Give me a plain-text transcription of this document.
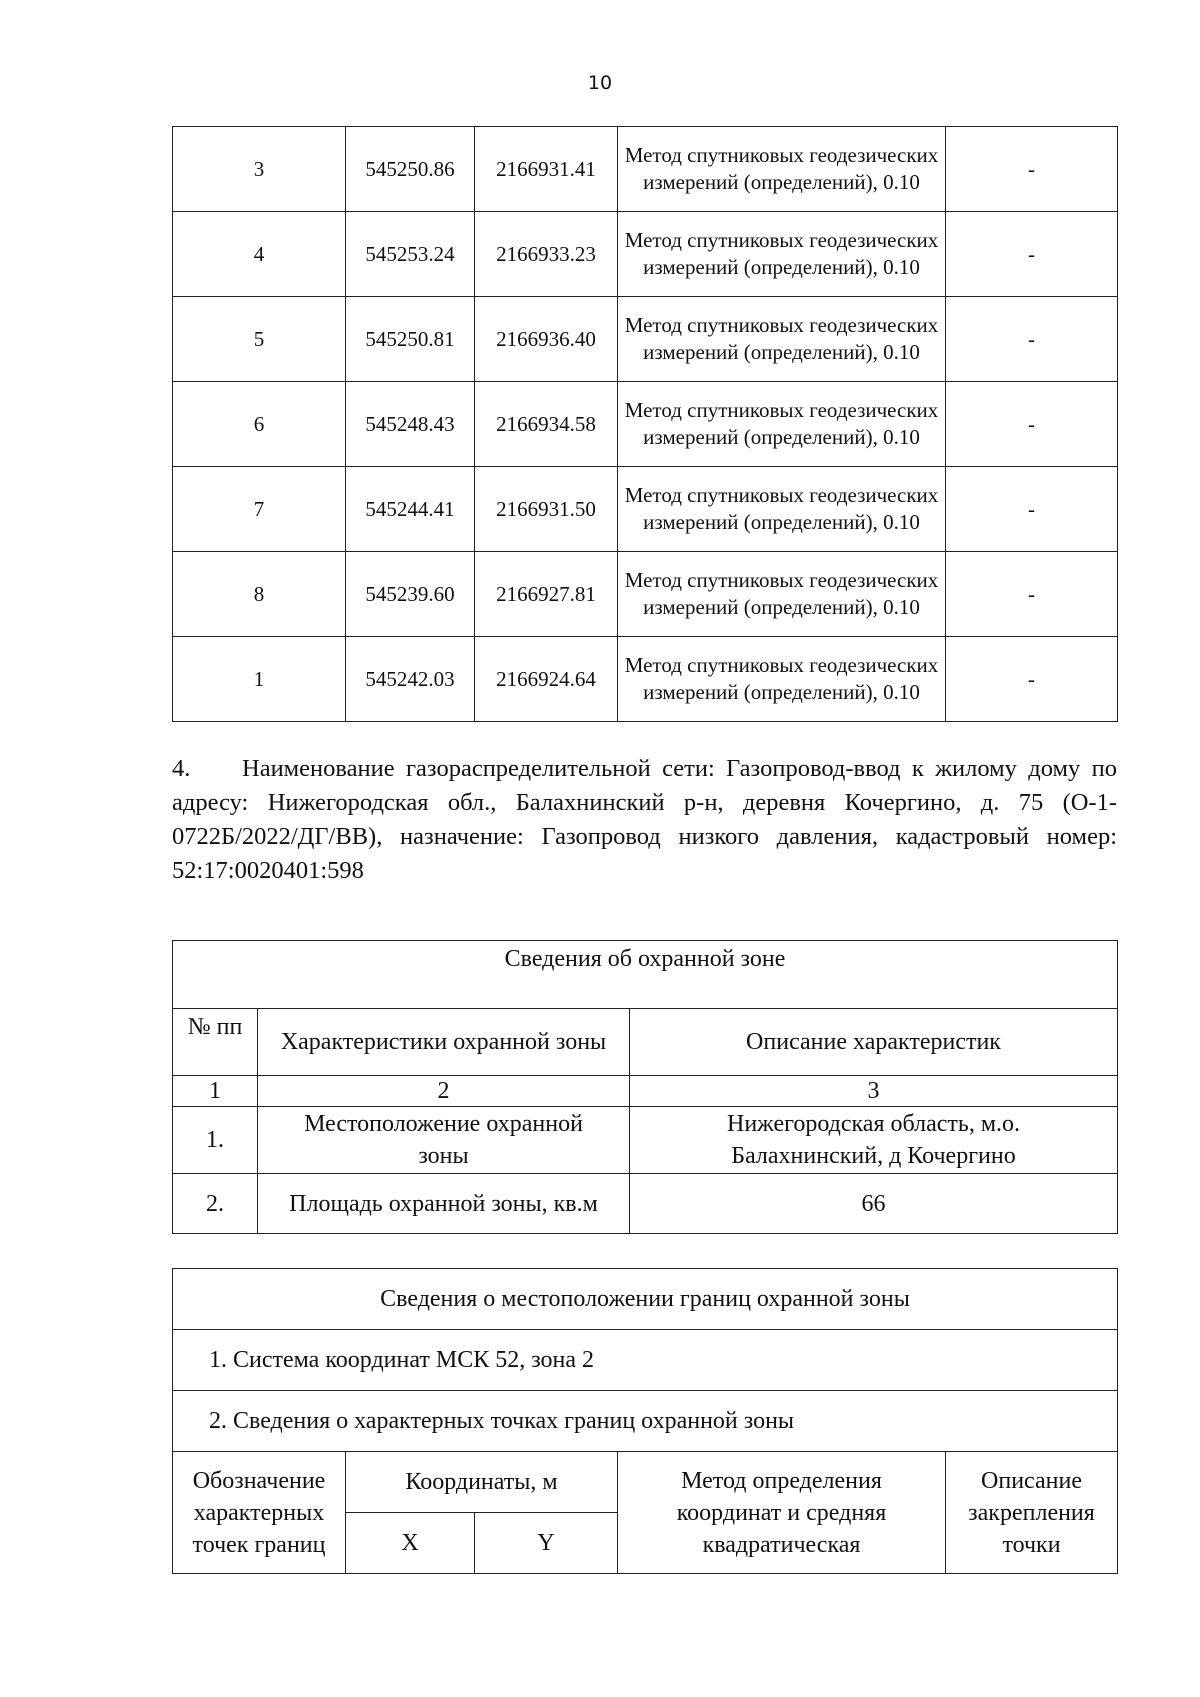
10
3	545250.86	2166931.41	Метод спутниковых геодезических измерений (определений), 0.10	-
4	545253.24	2166933.23	Метод спутниковых геодезических измерений (определений), 0.10	-
5	545250.81	2166936.40	Метод спутниковых геодезических измерений (определений), 0.10	-
6	545248.43	2166934.58	Метод спутниковых геодезических измерений (определений), 0.10	-
7	545244.41	2166931.50	Метод спутниковых геодезических измерений (определений), 0.10	-
8	545239.60	2166927.81	Метод спутниковых геодезических измерений (определений), 0.10	-
1	545242.03	2166924.64	Метод спутниковых геодезических измерений (определений), 0.10	-

4. Наименование газораспределительной сети: Газопровод-ввод к жилому дому по адресу: Нижегородская обл., Балахнинский р-н, деревня Кочергино, д. 75 (О-1-0722Б/2022/ДГ/ВВ), назначение: Газопровод низкого давления, кадастровый номер: 52:17:0020401:598

Сведения об охранной зоне		
№ пп	Характеристики охранной зоны	Описание характеристик
1	2	3
1.	Местоположение охранной зоны	Нижегородская область, м.о. Балахнинский, д Кочергино
2.	Площадь охранной зоны, кв.м	66
Сведения о местоположении границ охранной зоны				
1. Система координат МСК 52, зона 2				
2. Сведения о характерных точках границ охранной зоны				
Обозначение характерных точек границ	Координаты, м		Метод определения координат и средняя квадратическая	Описание закрепления точки
	X	Y		
